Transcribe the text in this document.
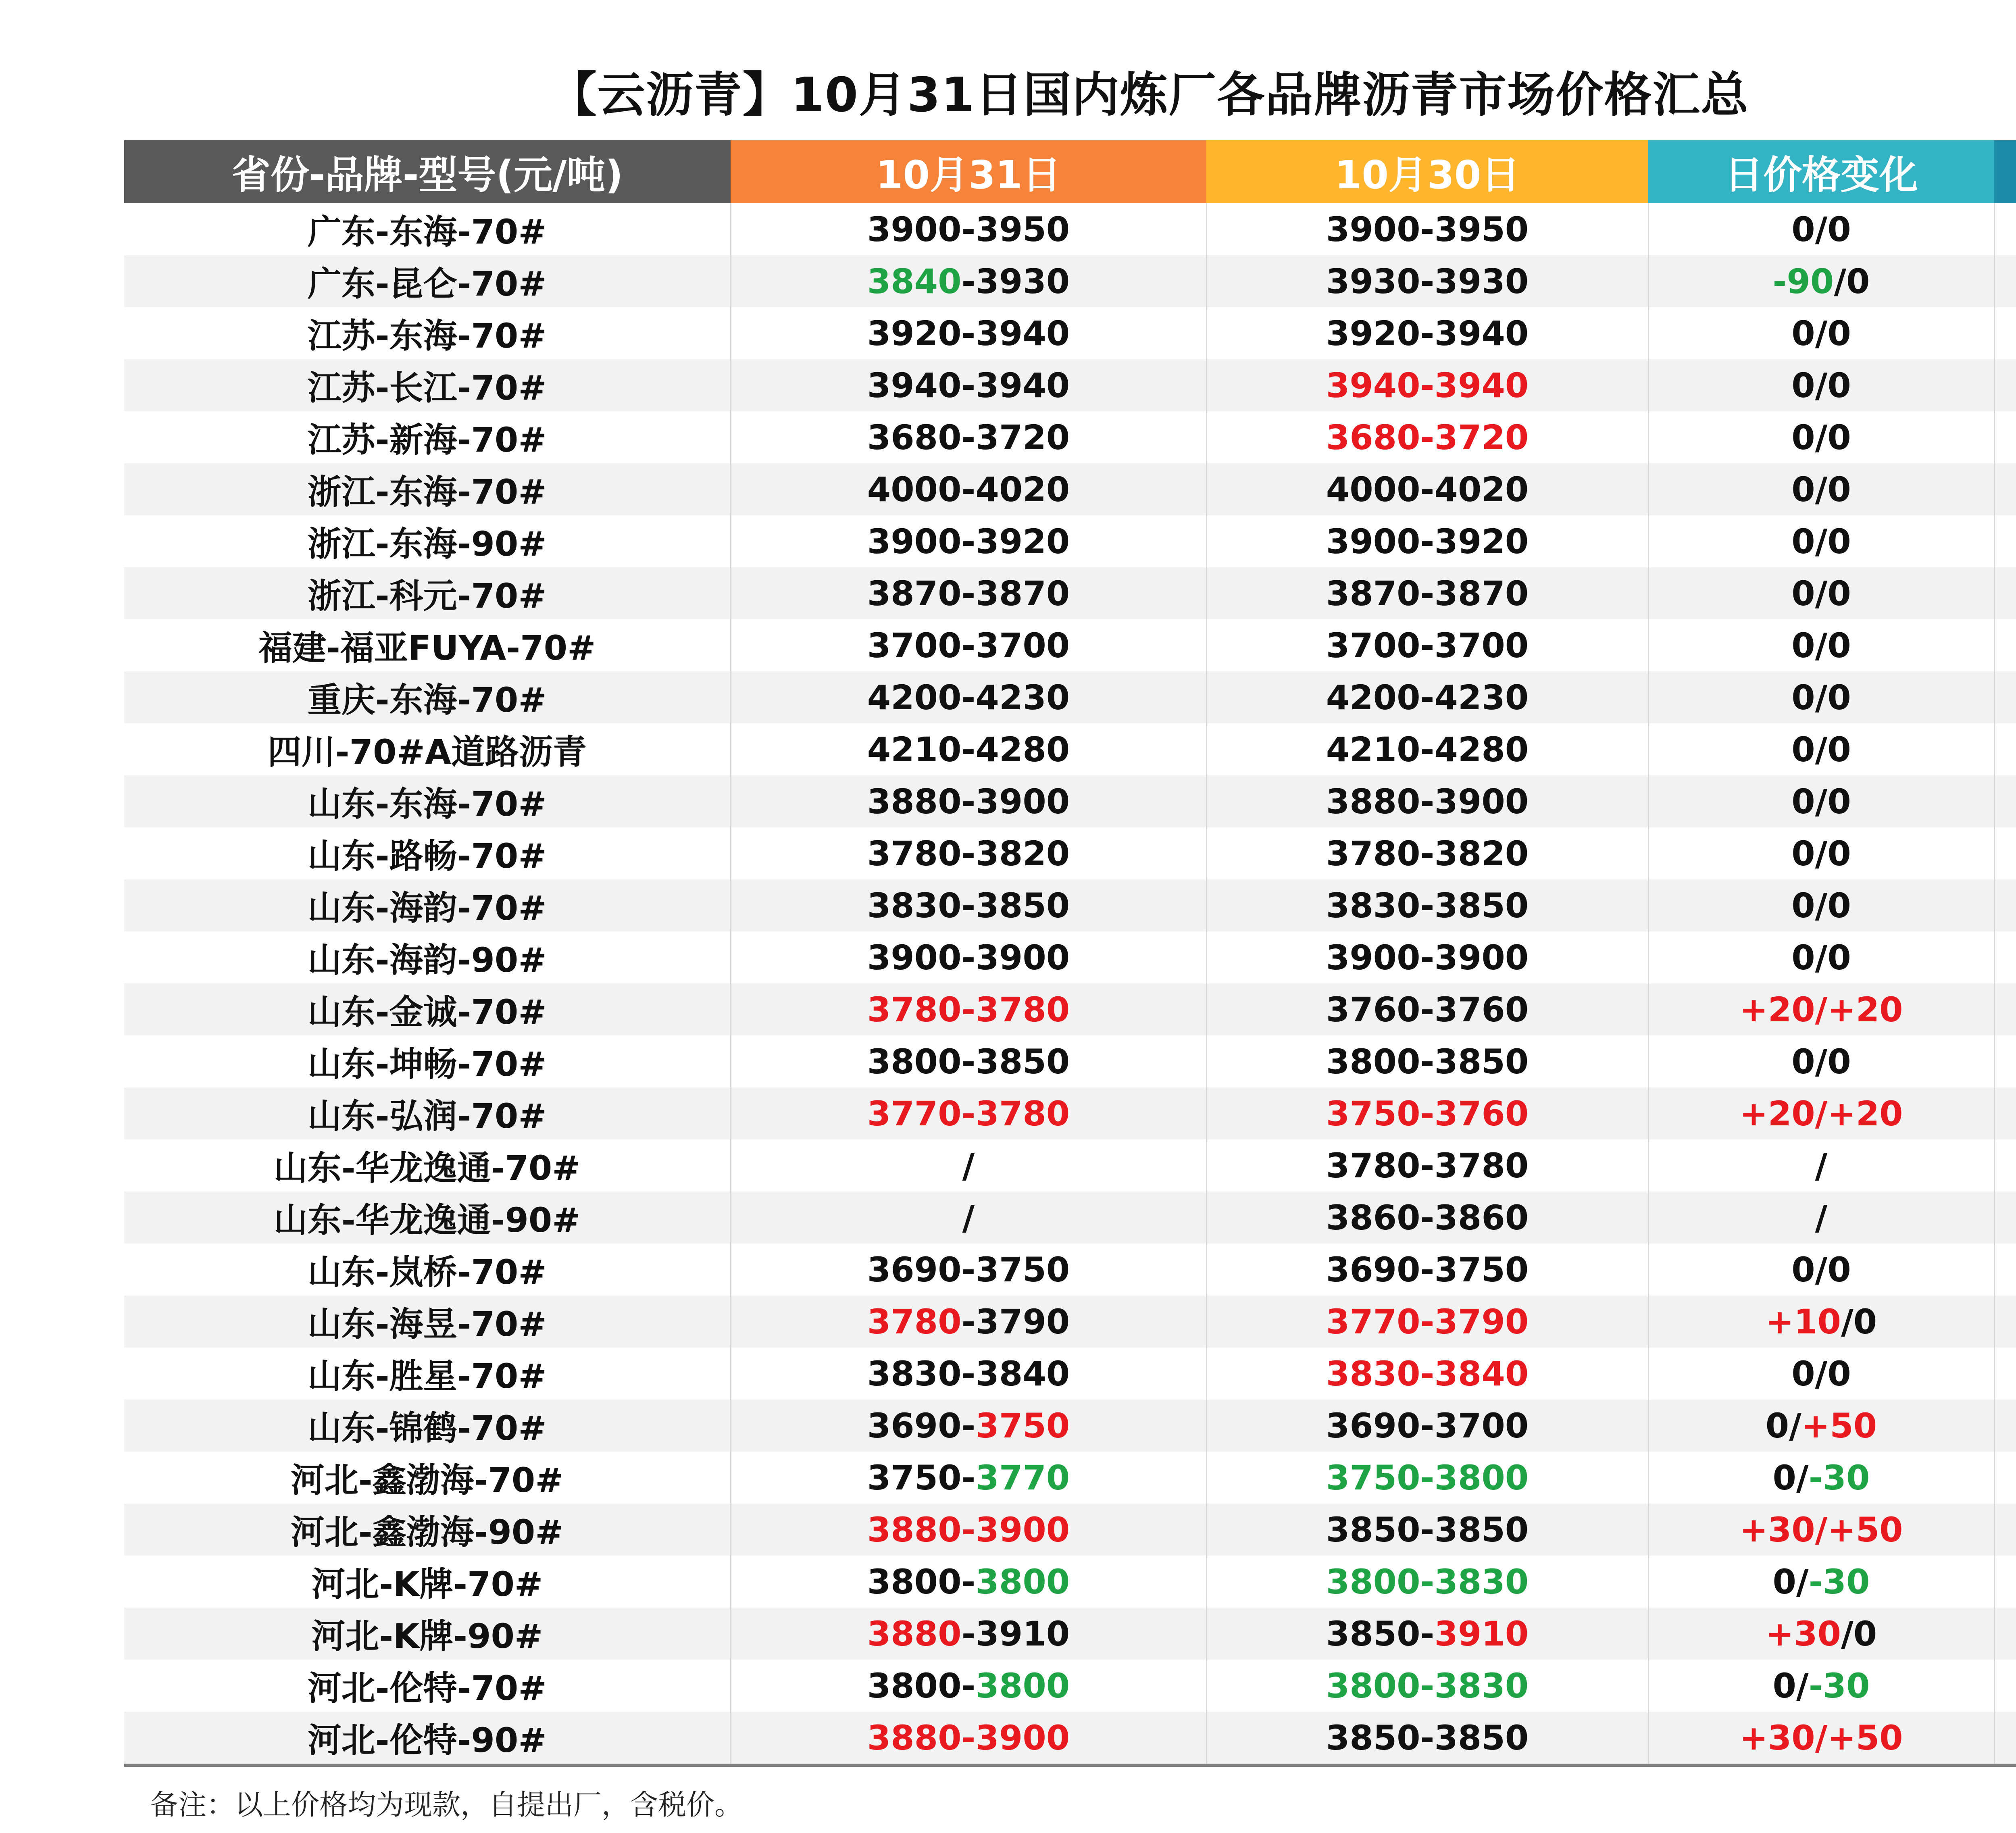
【云沥青】10月31日国内炼厂各品牌沥青市场价格汇总
省份-品牌-型号(元/吨)	10月31日	10月30日	日价格变化	
广东-东海-70#	3900-3950	3900-3950	0/0	
广东-昆仑-70#	3840-3930	3930-3930	-90/0	
江苏-东海-70#	3920-3940	3920-3940	0/0	
江苏-长江-70#	3940-3940	3940-3940	0/0	
江苏-新海-70#	3680-3720	3680-3720	0/0	
浙江-东海-70#	4000-4020	4000-4020	0/0	
浙江-东海-90#	3900-3920	3900-3920	0/0	
浙江-科元-70#	3870-3870	3870-3870	0/0	
福建-福亚FUYA-70#	3700-3700	3700-3700	0/0	
重庆-东海-70#	4200-4230	4200-4230	0/0	
四川-70#A道路沥青	4210-4280	4210-4280	0/0	
山东-东海-70#	3880-3900	3880-3900	0/0	
山东-路畅-70#	3780-3820	3780-3820	0/0	
山东-海韵-70#	3830-3850	3830-3850	0/0	
山东-海韵-90#	3900-3900	3900-3900	0/0	
山东-金诚-70#	3780-3780	3760-3760	+20/+20	
山东-坤畅-70#	3800-3850	3800-3850	0/0	
山东-弘润-70#	3770-3780	3750-3760	+20/+20	
山东-华龙逸通-70#	/	3780-3780	/	
山东-华龙逸通-90#	/	3860-3860	/	
山东-岚桥-70#	3690-3750	3690-3750	0/0	
山东-海昱-70#	3780-3790	3770-3790	+10/0	
山东-胜星-70#	3830-3840	3830-3840	0/0	
山东-锦鹤-70#	3690-3750	3690-3700	0/+50	
河北-鑫渤海-70#	3750-3770	3750-3800	0/-30	
河北-鑫渤海-90#	3880-3900	3850-3850	+30/+50	
河北-K牌-70#	3800-3800	3800-3830	0/-30	
河北-K牌-90#	3880-3910	3850-3910	+30/0	
河北-伦特-70#	3800-3800	3800-3830	0/-30	
河北-伦特-90#	3880-3900	3850-3850	+30/+50	
备注：以上价格均为现款，自提出厂，含税价。
